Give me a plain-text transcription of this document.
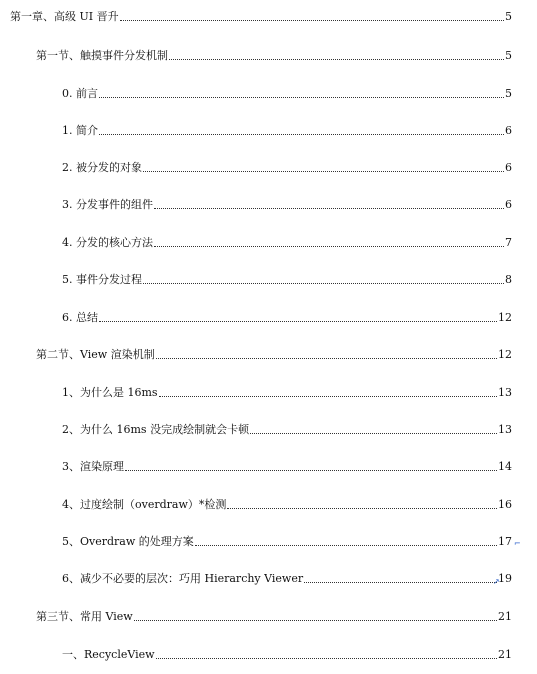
第一章、高级 UI 晋升	5
第一节、触摸事件分发机制	5
0. 前言	5
1. 简介	6
2. 被分发的对象	6
3. 分发事件的组件	6
4. 分发的核心方法	7
5. 事件分发过程	8
6. 总结	12
第二节、View 渲染机制	12
1、为什么是 16ms	13
2、为什么 16ms 没完成绘制就会卡顿	13
3、渲染原理	14
4、过度绘制（overdraw）*检测	16
5、Overdraw 的处理方案	17 ⌐
6、减少不必要的层次：巧用 Hierarchy Viewer	19
↗
第三节、常用 View	21
一、RecycleView	21
